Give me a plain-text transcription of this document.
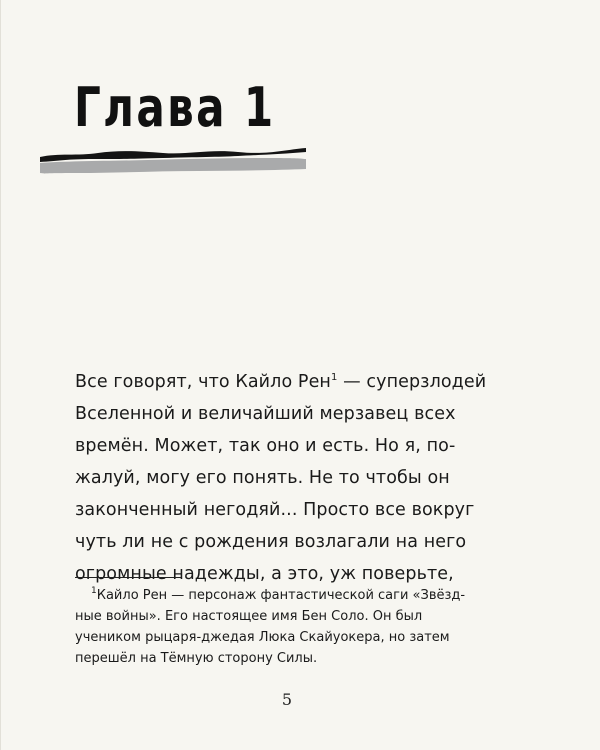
Глава 1
Все говорят, что Кайло Рен$^1$ — суперзлодей
Вселенной и величайший мерзавец всех
времён. Может, так оно и есть. Но я, по-
жалуй, могу его понять. Не то чтобы он
законченный негодяй... Просто все вокруг
чуть ли не с рождения возлагали на него
огромные надежды, а это, уж поверьте,
$^1$Кайло Рен — персонаж фантастической саги «Звёзд-
ные войны». Его настоящее имя Бен Соло. Он был
учеником рыцаря-джедая Люка Скайуокера, но затем
перешёл на Тёмную сторону Силы.
5
